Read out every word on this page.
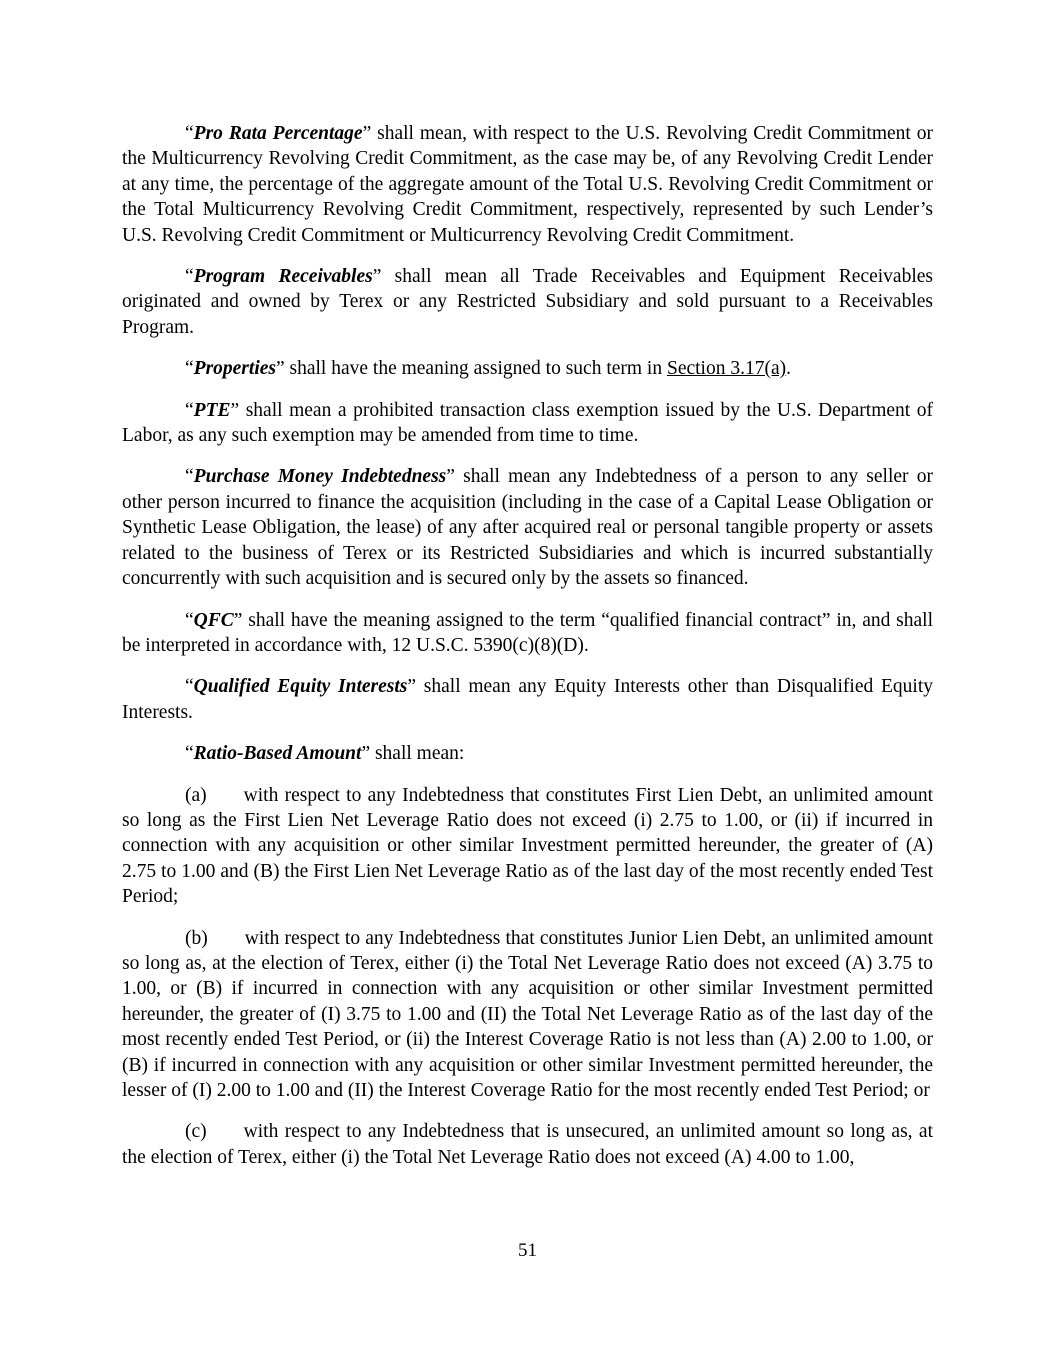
“Pro Rata Percentage” shall mean, with respect to the U.S. Revolving Credit Commitment or the Multicurrency Revolving Credit Commitment, as the case may be, of any Revolving Credit Lender at any time, the percentage of the aggregate amount of the Total U.S. Revolving Credit Commitment or the Total Multicurrency Revolving Credit Commitment, respectively, represented by such Lender’s U.S. Revolving Credit Commitment or Multicurrency Revolving Credit Commitment.

“Program Receivables” shall mean all Trade Receivables and Equipment Receivables originated and owned by Terex or any Restricted Subsidiary and sold pursuant to a Receivables Program.

“Properties” shall have the meaning assigned to such term in Section 3.17(a).

“PTE” shall mean a prohibited transaction class exemption issued by the U.S. Department of Labor, as any such exemption may be amended from time to time.

“Purchase Money Indebtedness” shall mean any Indebtedness of a person to any seller or other person incurred to finance the acquisition (including in the case of a Capital Lease Obligation or Synthetic Lease Obligation, the lease) of any after acquired real or personal tangible property or assets related to the business of Terex or its Restricted Subsidiaries and which is incurred substantially concurrently with such acquisition and is secured only by the assets so financed.

“QFC” shall have the meaning assigned to the term “qualified financial contract” in, and shall be interpreted in accordance with, 12 U.S.C. 5390(c)(8)(D).

“Qualified Equity Interests” shall mean any Equity Interests other than Disqualified Equity Interests.

“Ratio-Based Amount” shall mean:

(a) with respect to any Indebtedness that constitutes First Lien Debt, an unlimited amount so long as the First Lien Net Leverage Ratio does not exceed (i) 2.75 to 1.00, or (ii) if incurred in connection with any acquisition or other similar Investment permitted hereunder, the greater of (A) 2.75 to 1.00 and (B) the First Lien Net Leverage Ratio as of the last day of the most recently ended Test Period;

(b) with respect to any Indebtedness that constitutes Junior Lien Debt, an unlimited amount so long as, at the election of Terex, either (i) the Total Net Leverage Ratio does not exceed (A) 3.75 to 1.00, or (B) if incurred in connection with any acquisition or other similar Investment permitted hereunder, the greater of (I) 3.75 to 1.00 and (II) the Total Net Leverage Ratio as of the last day of the most recently ended Test Period, or (ii) the Interest Coverage Ratio is not less than (A) 2.00 to 1.00, or (B) if incurred in connection with any acquisition or other similar Investment permitted hereunder, the lesser of (I) 2.00 to 1.00 and (II) the Interest Coverage Ratio for the most recently ended Test Period; or

(c) with respect to any Indebtedness that is unsecured, an unlimited amount so long as, at the election of Terex, either (i) the Total Net Leverage Ratio does not exceed (A) 4.00 to 1.00,

51
